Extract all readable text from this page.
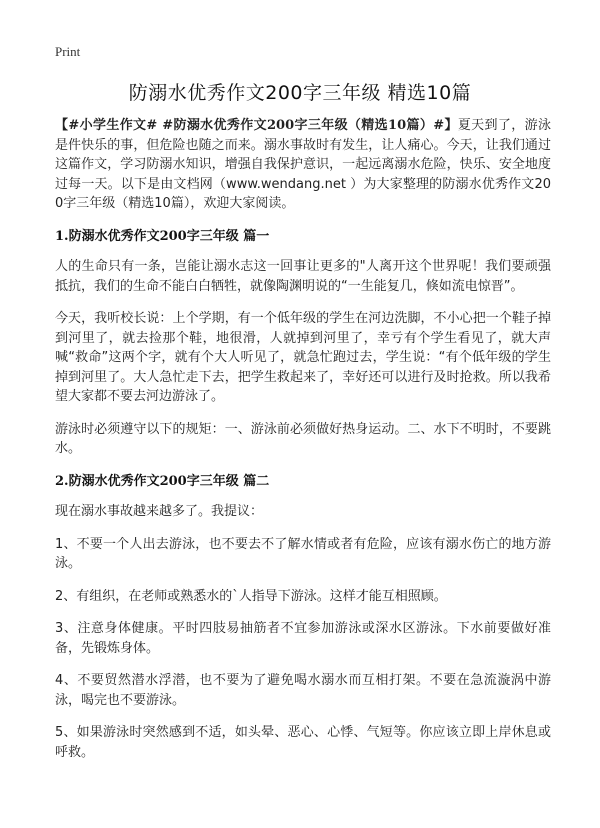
Print
防溺水优秀作文200字三年级 精选10篇

【#小学生作文# #防溺水优秀作文200字三年级（精选10篇）#】夏天到了，游泳是件快乐的事，但危险也随之而来。溺水事故时有发生，让人痛心。今天，让我们通过这篇作文，学习防溺水知识，增强自我保护意识，一起远离溺水危险，快乐、安全地度过每一天。以下是由文档网（www.wendang.net ）为大家整理的防溺水优秀作文200字三年级（精选10篇），欢迎大家阅读。

1.防溺水优秀作文200字三年级 篇一

人的生命只有一条，岂能让溺水志这一回事让更多的"人离开这个世界呢！我们要顽强抵抗，我们的生命不能白白牺牲，就像陶渊明说的“一生能复几，倏如流电惊晋”。

今天，我听校长说：上个学期，有一个低年级的学生在河边洗脚，不小心把一个鞋子掉到河里了，就去捡那个鞋，地很滑，人就掉到河里了，幸亏有个学生看见了，就大声喊“救命”这两个字，就有个大人听见了，就急忙跑过去，学生说：“有个低年级的学生掉到河里了。大人急忙走下去，把学生救起来了，幸好还可以进行及时抢救。所以我希望大家都不要去河边游泳了。

游泳时必须遵守以下的规矩：一、游泳前必须做好热身运动。二、水下不明时，不要跳水。

2.防溺水优秀作文200字三年级 篇二

现在溺水事故越来越多了。我提议：

1、不要一个人出去游泳，也不要去不了解水情或者有危险，应该有溺水伤亡的地方游泳。

2、有组织，在老师或熟悉水的`人指导下游泳。这样才能互相照顾。

3、注意身体健康。平时四肢易抽筋者不宜参加游泳或深水区游泳。下水前要做好准备，先锻炼身体。

4、不要贸然潜水浮潜，也不要为了避免喝水溺水而互相打架。不要在急流漩涡中游泳，喝完也不要游泳。

5、如果游泳时突然感到不适，如头晕、恶心、心悸、气短等。你应该立即上岸休息或呼救。
